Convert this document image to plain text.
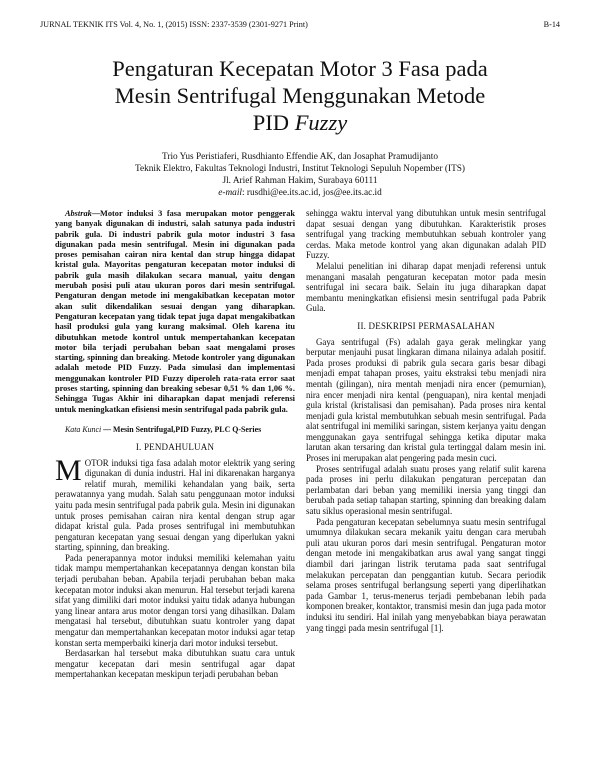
JURNAL TEKNIK ITS Vol. 4, No. 1, (2015) ISSN: 2337-3539 (2301-9271 Print)	B-14
Pengaturan Kecepatan Motor 3 Fasa pada
Mesin Sentrifugal Menggunakan Metode
PID Fuzzy
Trio Yus Peristiaferi, Rusdhianto Effendie AK, dan Josaphat Pramudijanto
Teknik Elektro, Fakultas Teknologi Industri, Institut Teknologi Sepuluh Nopember (ITS)
Jl. Arief Rahman Hakim, Surabaya 60111
e-mail: rusdhi@ee.its.ac.id, jos@ee.its.ac.id

Abstrak—Motor induksi 3 fasa merupakan motor penggerak yang banyak digunakan di industri, salah satunya pada industri pabrik gula. Di industri pabrik gula motor industri 3 fasa digunakan pada mesin sentrifugal. Mesin ini digunakan pada proses pemisahan cairan nira kental dan strup hingga didapat kristal gula. Mayoritas pengaturan kecepatan motor induksi di pabrik gula masih dilakukan secara manual, yaitu dengan merubah posisi puli atau ukuran poros dari mesin sentrifugal. Pengaturan dengan metode ini mengakibatkan kecepatan motor akan sulit dikendalikan sesuai dengan yang diharapkan. Pengaturan kecepatan yang tidak tepat juga dapat mengakibatkan hasil produksi gula yang kurang maksimal. Oleh karena itu dibutuhkan metode kontrol untuk mempertahankan kecepatan motor bila terjadi perubahan beban saat mengalami proses starting, spinning dan breaking. Metode kontroler yang digunakan adalah metode PID Fuzzy. Pada simulasi dan implementasi menggunakan kontroler PID Fuzzy diperoleh rata-rata error saat proses starting, spinning dan breaking sebesar 0,51 % dan 1,06 %. Sehingga Tugas Akhir ini diharapkan dapat menjadi referensi untuk meningkatkan efisiensi mesin sentrifugal pada pabrik gula.

Kata Kunci — Mesin Sentrifugal,PID Fuzzy, PLC Q-Series

I. PENDAHULUAN

MOTOR induksi tiga fasa adalah motor elektrik yang sering digunakan di dunia industri. Hal ini dikarenakan harganya relatif murah, memiliki kehandalan yang baik, serta perawatannya yang mudah. Salah satu penggunaan motor induksi yaitu pada mesin sentrifugal pada pabrik gula. Mesin ini digunakan untuk proses pemisahan cairan nira kental dengan strup agar didapat kristal gula. Pada proses sentrifugal ini membutuhkan pengaturan kecepatan yang sesuai dengan yang diperlukan yakni starting, spinning, dan breaking.

Pada penerapannya motor induksi memiliki kelemahan yaitu tidak mampu mempertahankan kecepatannya dengan konstan bila terjadi perubahan beban. Apabila terjadi perubahan beban maka kecepatan motor induksi akan menurun. Hal tersebut terjadi karena sifat yang dimiliki dari motor induksi yaitu tidak adanya hubungan yang linear antara arus motor dengan torsi yang dihasilkan. Dalam mengatasi hal tersebut, dibutuhkan suatu kontroler yang dapat mengatur dan mempertahankan kecepatan motor induksi agar tetap konstan serta memperbaiki kinerja dari motor induksi tersebut.

Berdasarkan hal tersebut maka dibutuhkan suatu cara untuk mengatur kecepatan dari mesin sentrifugal agar dapat mempertahankan kecepatan meskipun terjadi perubahan beban

sehingga waktu interval yang dibutuhkan untuk mesin sentrifugal dapat sesuai dengan yang dibutuhkan. Karakteristik proses sentrifugal yang tracking membutuhkan sebuah kontroler yang cerdas. Maka metode kontrol yang akan digunakan adalah PID Fuzzy.

Melalui penelitian ini diharap dapat menjadi referensi untuk menangani masalah pengaturan kecepatan motor pada mesin sentrifugal ini secara baik. Selain itu juga diharapkan dapat membantu meningkatkan efisiensi mesin sentrifugal pada Pabrik Gula.

II. DESKRIPSI PERMASALAHAN

Gaya sentrifugal (Fs) adalah gaya gerak melingkar yang berputar menjauhi pusat lingkaran dimana nilainya adalah positif. Pada proses produksi di pabrik gula secara garis besar dibagi menjadi empat tahapan proses, yaitu ekstraksi tebu menjadi nira mentah (gilingan), nira mentah menjadi nira encer (pemurnian), nira encer menjadi nira kental (penguapan), nira kental menjadi gula kristal (kristalisasi dan pemisahan). Pada proses nira kental menjadi gula kristal membutuhkan sebuah mesin sentrifugal. Pada alat sentrifugal ini memiliki saringan, sistem kerjanya yaitu dengan menggunakan gaya sentrifugal sehingga ketika diputar maka larutan akan tersaring dan kristal gula tertinggal dalam mesin ini. Proses ini merupakan alat pengering pada mesin cuci.

Proses sentrifugal adalah suatu proses yang relatif sulit karena pada proses ini perlu dilakukan pengaturan percepatan dan perlambatan dari beban yang memiliki inersia yang tinggi dan berubah pada setiap tahapan starting, spinning dan breaking dalam satu siklus operasional mesin sentrifugal.

Pada pengaturan kecepatan sebelumnya suatu mesin sentrifugal umumnya dilakukan secara mekanik yaitu dengan cara merubah puli atau ukuran poros dari mesin sentrifugal. Pengaturan motor dengan metode ini mengakibatkan arus awal yang sangat tinggi diambil dari jaringan listrik terutama pada saat sentrifugal melakukan percepatan dan penggantian kutub. Secara periodik selama proses sentrifugal berlangsung seperti yang diperlihatkan pada Gambar 1, terus-menerus terjadi pembebanan lebih pada komponen breaker, kontaktor, transmisi mesin dan juga pada motor induksi itu sendiri. Hal inilah yang menyebabkan biaya perawatan yang tinggi pada mesin sentrifugal [1].
